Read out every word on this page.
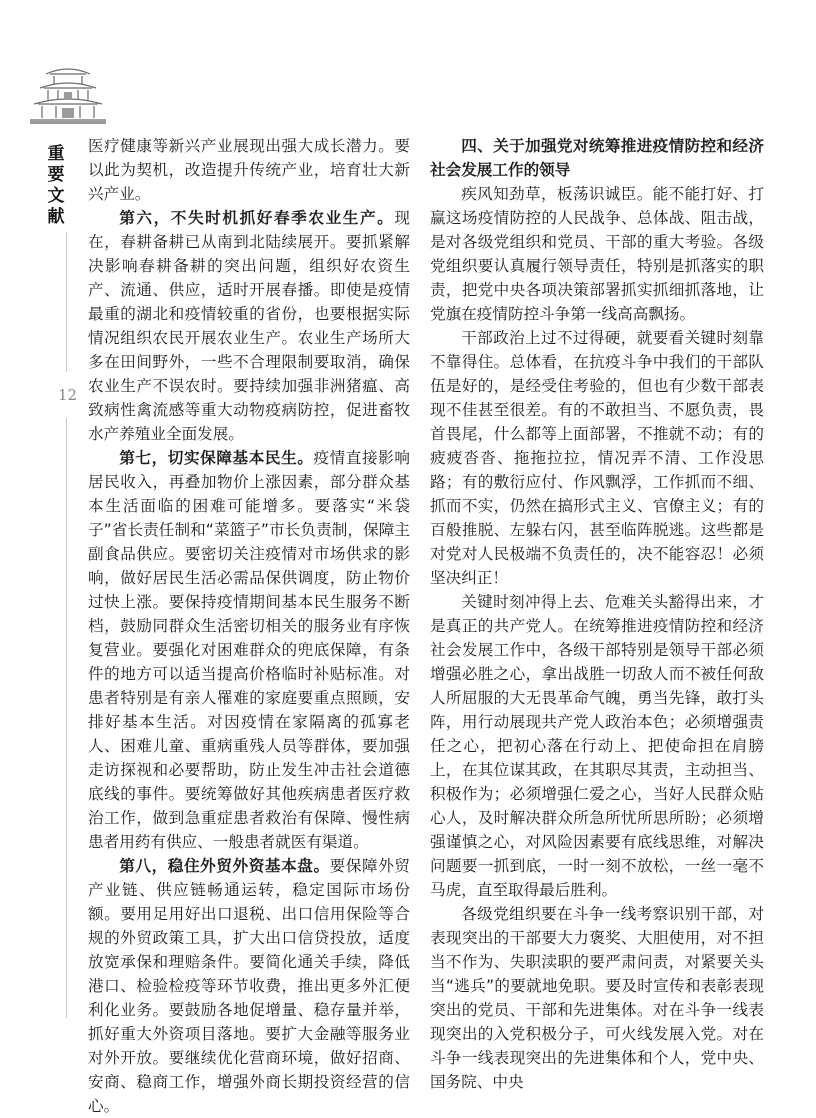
重要文献
12

医疗健康等新兴产业展现出强大成长潜力。要以此为契机，改造提升传统产业，培育壮大新兴产业。

第六，不失时机抓好春季农业生产。现在，春耕备耕已从南到北陆续展开。要抓紧解决影响春耕备耕的突出问题，组织好农资生产、流通、供应，适时开展春播。即使是疫情最重的湖北和疫情较重的省份，也要根据实际情况组织农民开展农业生产。农业生产场所大多在田间野外，一些不合理限制要取消，确保农业生产不误农时。要持续加强非洲猪瘟、高致病性禽流感等重大动物疫病防控，促进畜牧水产养殖业全面发展。

第七，切实保障基本民生。疫情直接影响居民收入，再叠加物价上涨因素，部分群众基本生活面临的困难可能增多。要落实“米袋子”省长责任制和“菜篮子”市长负责制，保障主副食品供应。要密切关注疫情对市场供求的影响，做好居民生活必需品保供调度，防止物价过快上涨。要保持疫情期间基本民生服务不断档，鼓励同群众生活密切相关的服务业有序恢复营业。要强化对困难群众的兜底保障，有条件的地方可以适当提高价格临时补贴标准。对患者特别是有亲人罹难的家庭要重点照顾，安排好基本生活。对因疫情在家隔离的孤寡老人、困难儿童、重病重残人员等群体，要加强走访探视和必要帮助，防止发生冲击社会道德底线的事件。要统筹做好其他疾病患者医疗救治工作，做到急重症患者救治有保障、慢性病患者用药有供应、一般患者就医有渠道。

第八，稳住外贸外资基本盘。要保障外贸产业链、供应链畅通运转，稳定国际市场份额。要用足用好出口退税、出口信用保险等合规的外贸政策工具，扩大出口信贷投放，适度放宽承保和理赔条件。要简化通关手续，降低港口、检验检疫等环节收费，推出更多外汇便利化业务。要鼓励各地促增量、稳存量并举，抓好重大外资项目落地。要扩大金融等服务业对外开放。要继续优化营商环境，做好招商、安商、稳商工作，增强外商长期投资经营的信心。

四、关于加强党对统筹推进疫情防控和经济社会发展工作的领导

疾风知劲草，板荡识诚臣。能不能打好、打赢这场疫情防控的人民战争、总体战、阻击战，是对各级党组织和党员、干部的重大考验。各级党组织要认真履行领导责任，特别是抓落实的职责，把党中央各项决策部署抓实抓细抓落地，让党旗在疫情防控斗争第一线高高飘扬。

干部政治上过不过得硬，就要看关键时刻靠不靠得住。总体看，在抗疫斗争中我们的干部队伍是好的，是经受住考验的，但也有少数干部表现不佳甚至很差。有的不敢担当、不愿负责，畏首畏尾，什么都等上面部署，不推就不动；有的疲疲沓沓、拖拖拉拉，情况弄不清、工作没思路；有的敷衍应付、作风飘浮，工作抓而不细、抓而不实，仍然在搞形式主义、官僚主义；有的百般推脱、左躲右闪，甚至临阵脱逃。这些都是对党对人民极端不负责任的，决不能容忍！必须坚决纠正！

关键时刻冲得上去、危难关头豁得出来，才是真正的共产党人。在统筹推进疫情防控和经济社会发展工作中，各级干部特别是领导干部必须增强必胜之心，拿出战胜一切敌人而不被任何敌人所屈服的大无畏革命气魄，勇当先锋，敢打头阵，用行动展现共产党人政治本色；必须增强责任之心，把初心落在行动上、把使命担在肩膀上，在其位谋其政，在其职尽其责，主动担当、积极作为；必须增强仁爱之心，当好人民群众贴心人，及时解决群众所急所忧所思所盼；必须增强谨慎之心，对风险因素要有底线思维，对解决问题要一抓到底，一时一刻不放松，一丝一毫不马虎，直至取得最后胜利。

各级党组织要在斗争一线考察识别干部，对表现突出的干部要大力褒奖、大胆使用，对不担当不作为、失职渎职的要严肃问责，对紧要关头当“逃兵”的要就地免职。要及时宣传和表彰表现突出的党员、干部和先进集体。对在斗争一线表现突出的入党积极分子，可火线发展入党。对在斗争一线表现突出的先进集体和个人，党中央、国务院、中央
